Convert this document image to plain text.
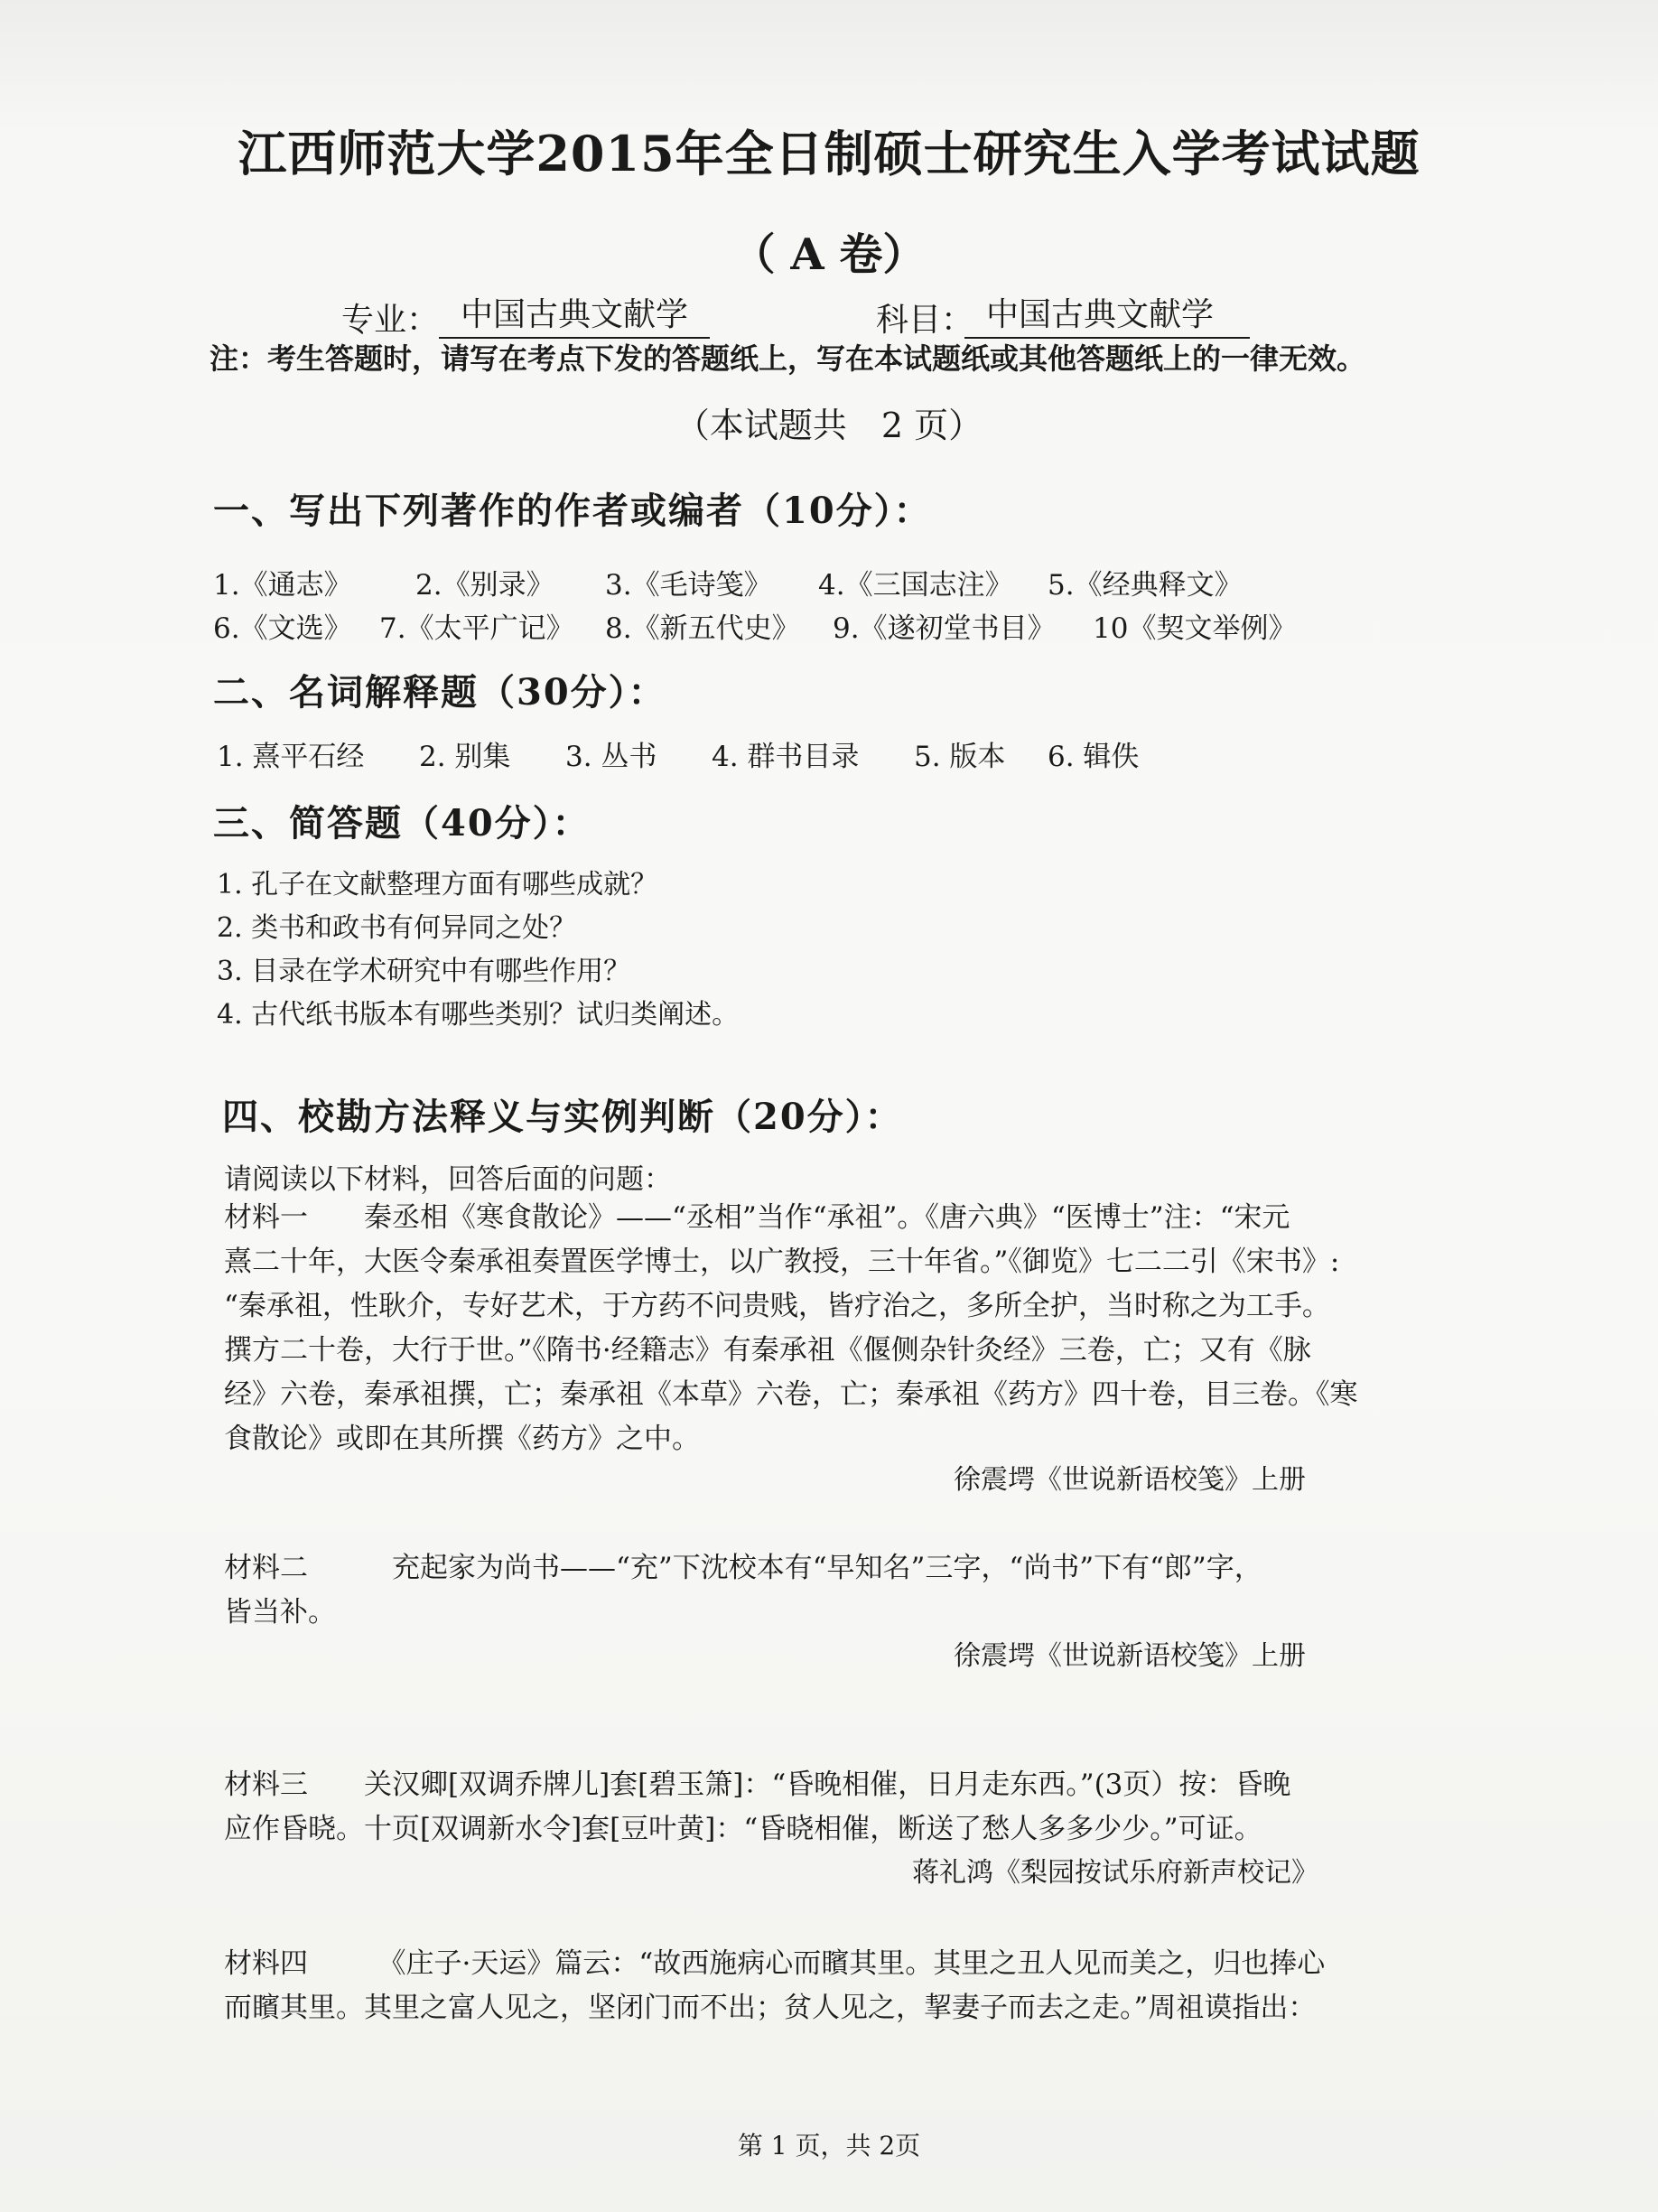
江西师范大学2015年全日制硕士研究生入学考试试题
（ A 卷）
专业： 中国古典文献学	科目： 中国古典文献学
注：考生答题时，请写在考点下发的答题纸上，写在本试题纸或其他答题纸上的一律无效。
（本试题共　2 页）
一、写出下列著作的作者或编者（10分）：
1.《通志》 2.《别录》 3.《毛诗笺》 4.《三国志注》 5.《经典释文》
6.《文选》 7.《太平广记》 8.《新五代史》 9.《遂初堂书目》 10《契文举例》
二、名词解释题（30分）：
1. 熹平石经 2. 别集 3. 丛书 4. 群书目录 5. 版本 6. 辑佚
三、简答题（40分）：
1. 孔子在文献整理方面有哪些成就？
2. 类书和政书有何异同之处？
3. 目录在学术研究中有哪些作用？
4. 古代纸书版本有哪些类别？试归类阐述。
四、校勘方法释义与实例判断（20分）：
请阅读以下材料，回答后面的问题：
材料一　　秦丞相《寒食散论》——“丞相”当作“承祖”。《唐六典》“医博士”注：“宋元
熹二十年，大医令秦承祖奏置医学博士，以广教授，三十年省。”《御览》七二二引《宋书》:
“秦承祖，性耿介，专好艺术，于方药不问贵贱，皆疗治之，多所全护，当时称之为工手。
撰方二十卷，大行于世。”《隋书·经籍志》有秦承祖《偃侧杂针灸经》三卷，亡；又有《脉
经》六卷，秦承祖撰，亡；秦承祖《本草》六卷，亡；秦承祖《药方》四十卷，目三卷。《寒
食散论》或即在其所撰《药方》之中。
徐震堮《世说新语校笺》上册
材料二　　　充起家为尚书——“充”下沈校本有“早知名”三字，“尚书”下有“郎”字，
皆当补。
徐震堮《世说新语校笺》上册
材料三　　关汉卿[双调乔牌儿]套[碧玉箫]：“昏晚相催，日月走东西。”(3页）按：昏晚
应作昏晓。十页[双调新水令]套[豆叶黄]：“昏晓相催，断送了愁人多多少少。”可证。
蒋礼鸿《梨园按试乐府新声校记》
材料四　　　《庄子·天运》篇云：“故西施病心而矉其里。其里之丑人见而美之，归也捧心
而矉其里。其里之富人见之，坚闭门而不出；贫人见之，挈妻子而去之走。”周祖谟指出：
第 1 页，共 2页
